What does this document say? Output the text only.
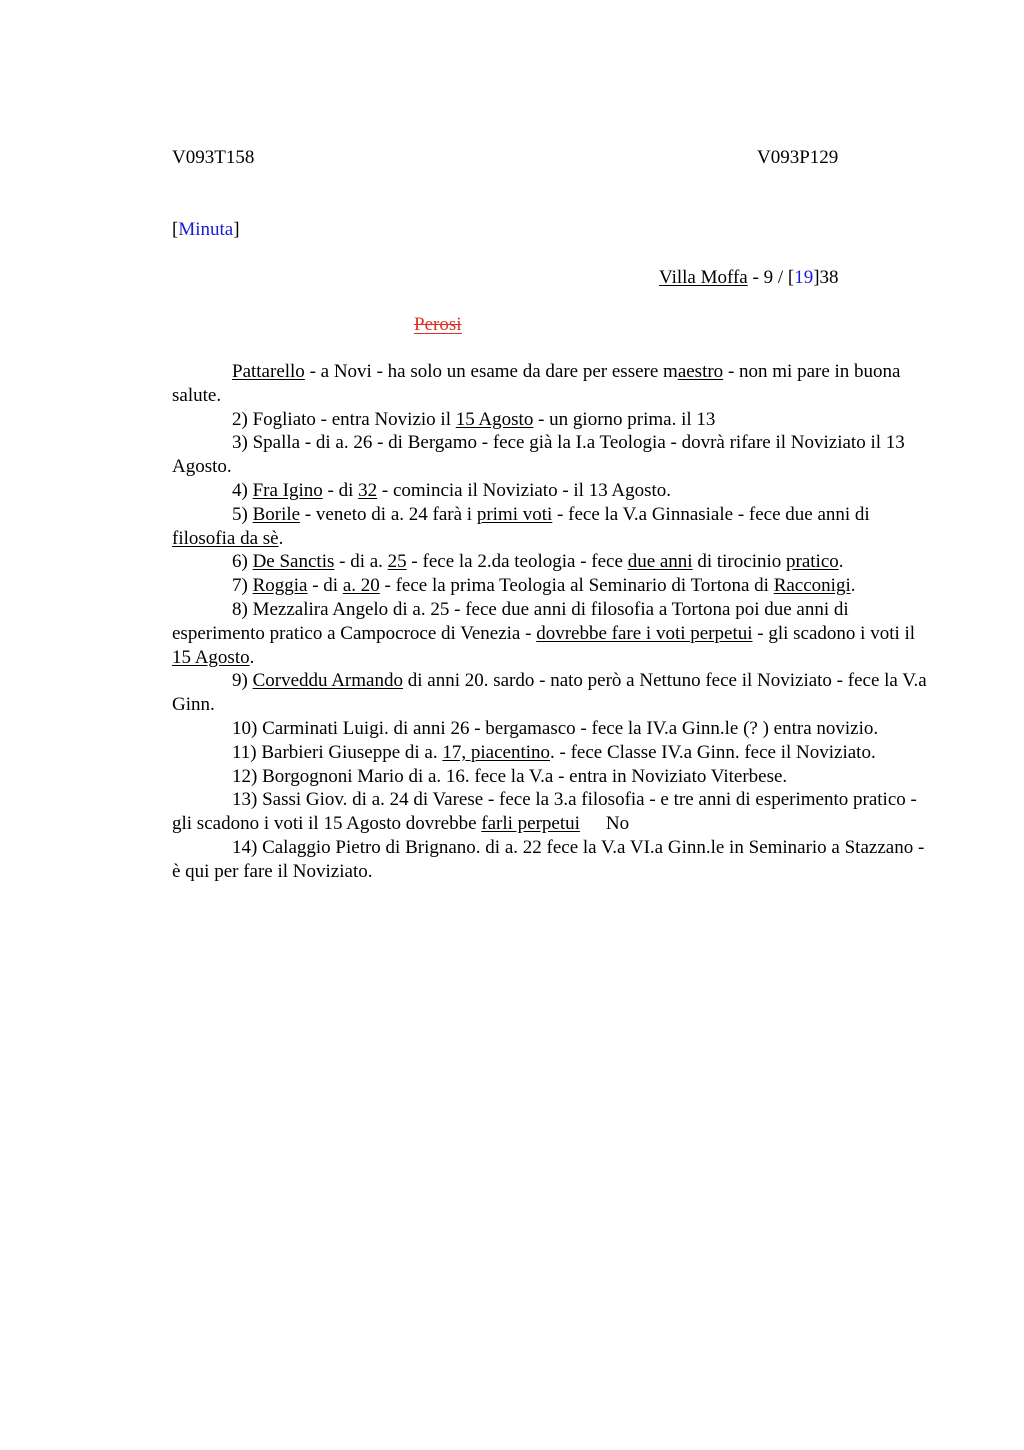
V093T158	V093P129
[Minuta]
Villa Moffa - 9 / [19]38
Perosi

Pattarello - a Novi - ha solo un esame da dare per essere maestro - non mi pare in buona salute.

2) Fogliato - entra Novizio il 15 Agosto - un giorno prima. il 13

3) Spalla - di a. 26 - di Bergamo - fece già la I.a Teologia - dovrà rifare il Noviziato il 13 Agosto.

4) Fra Igino - di 32 - comincia il Noviziato - il 13 Agosto.

5) Borile - veneto di a. 24 farà i primi voti - fece la V.a Ginnasiale - fece due anni di filosofia da sè.

6) De Sanctis - di a. 25 - fece la 2.da teologia - fece due anni di tirocinio pratico.

7) Roggia - di a. 20 - fece la prima Teologia al Seminario di Tortona di Racconigi.

8) Mezzalira Angelo di a. 25 - fece due anni di filosofia a Tortona poi due anni di esperimento pratico a Campocroce di Venezia - dovrebbe fare i voti perpetui - gli scadono i voti il 15 Agosto.

9) Corveddu Armando di anni 20. sardo - nato però a Nettuno fece il Noviziato - fece la V.a Ginn.

10) Carminati Luigi. di anni 26 - bergamasco - fece la IV.a Ginn.le (? ) entra novizio.

11) Barbieri Giuseppe di a. 17, piacentino. - fece Classe IV.a Ginn. fece il Noviziato.

12) Borgognoni Mario di a. 16. fece la V.a - entra in Noviziato Viterbese.

13) Sassi Giov. di a. 24 di Varese - fece la 3.a filosofia - e tre anni di esperimento pratico - gli scadono i voti il 15 Agosto dovrebbe farli perpetui No

14) Calaggio Pietro di Brignano. di a. 22 fece la V.a VI.a Ginn.le in Seminario a Stazzano - è qui per fare il Noviziato.
